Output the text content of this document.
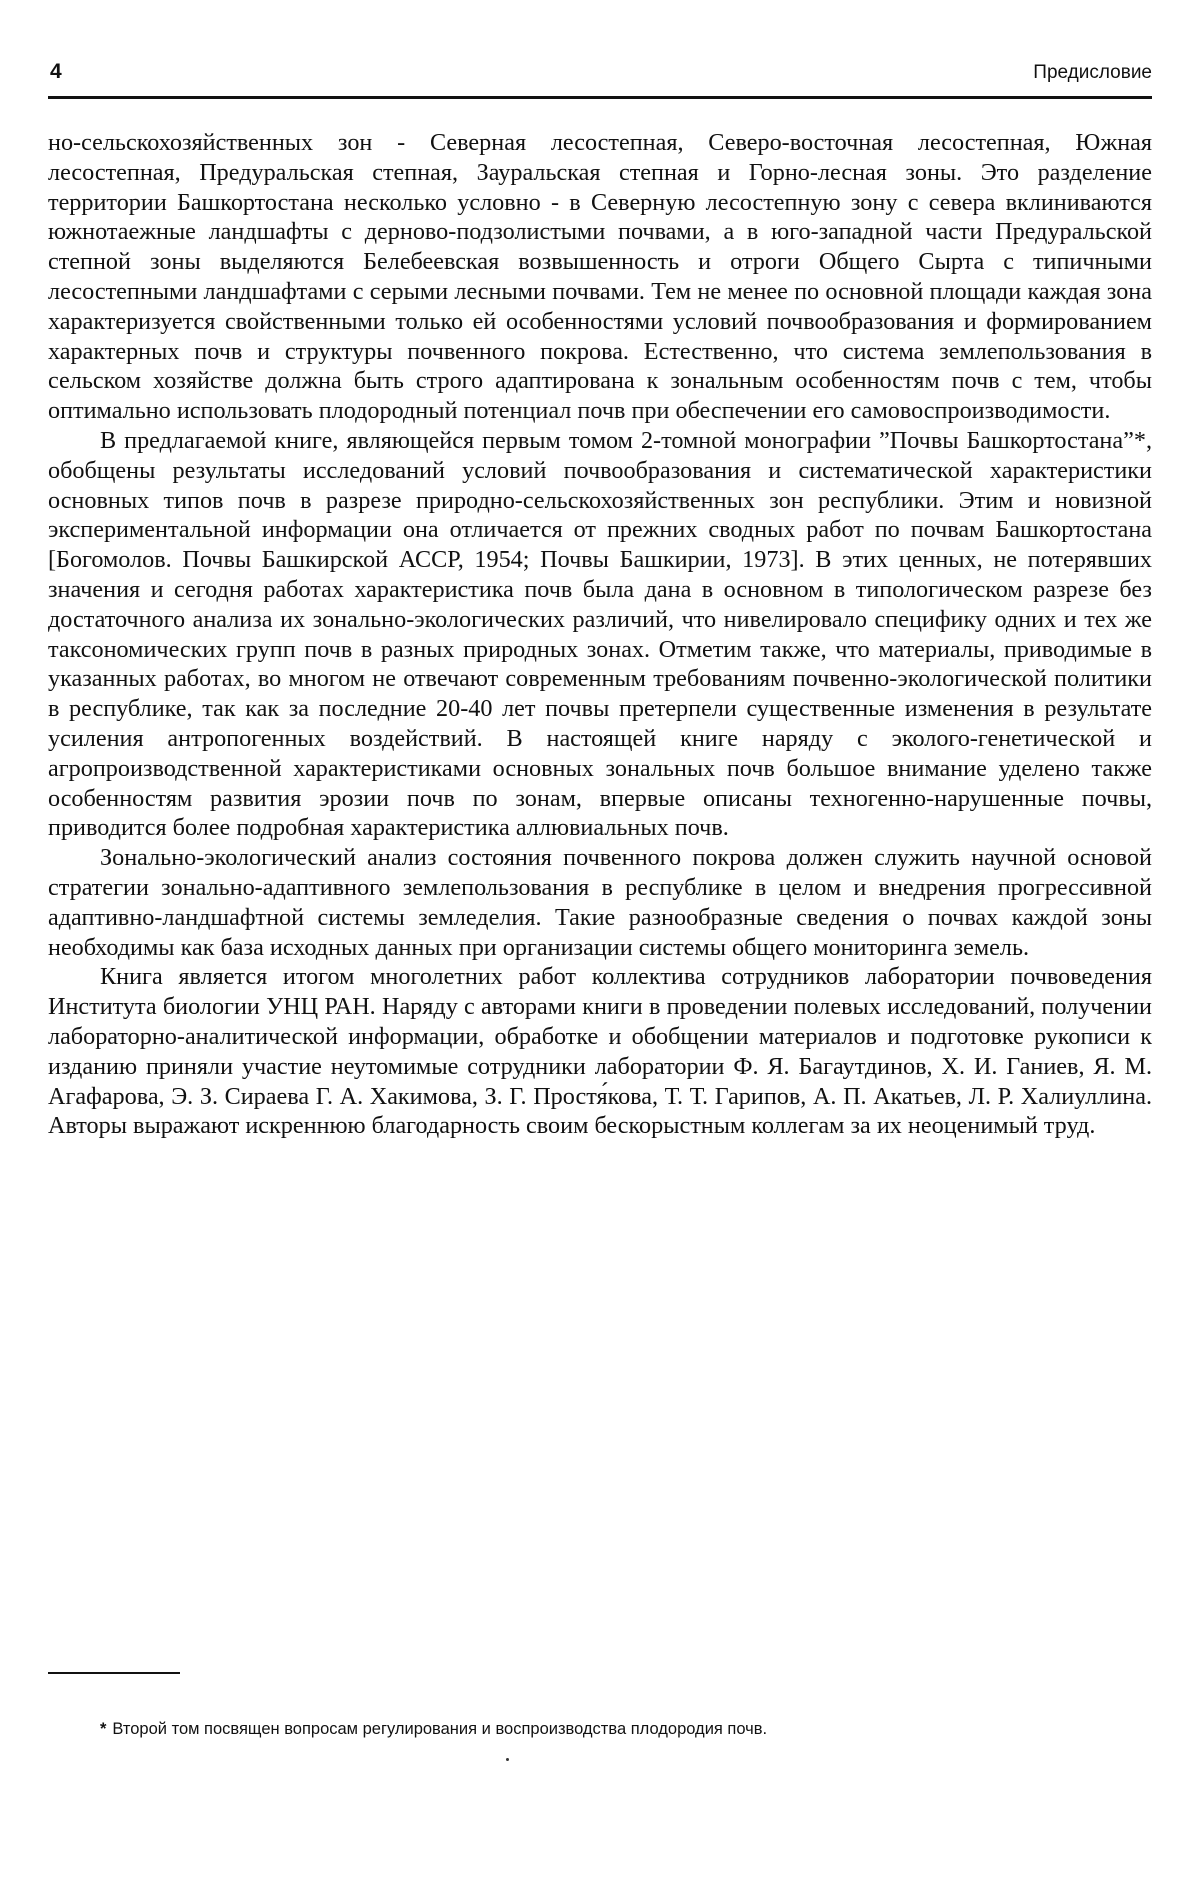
4	Предисловие

но-сельскохозяйственных зон - Северная лесостепная, Северо-восточная лесостепная, Южная лесостепная, Предуральская степная, Зауральская степная и Горно-лесная зоны. Это разделение территории Башкортостана несколько условно - в Северную лесостепную зону с севера вклиниваются южнотаежные ландшафты с дерново-подзолистыми почвами, а в юго-западной части Предуральской степной зоны выделяются Белебеевская возвышенность и отроги Общего Сырта с типичными лесостепными ландшафтами с серыми лесными почвами. Тем не менее по основной площади каждая зона характеризуется свойственными только ей особенностями условий почвообразования и формированием характерных почв и структуры почвенного покрова. Естественно, что система землепользования в сельском хозяйстве должна быть строго адаптирована к зональным особенностям почв с тем, чтобы оптимально использовать плодородный потенциал почв при обеспечении его самовоспроизводимости.

В предлагаемой книге, являющейся первым томом 2-томной монографии ”Почвы Башкортостана”*, обобщены результаты исследований условий почвообразования и систематической характеристики основных типов почв в разрезе природно-сельскохозяйственных зон республики. Этим и новизной экспериментальной информации она отличается от прежних сводных работ по почвам Башкортостана [Богомолов. Почвы Башкирской АССР, 1954; Почвы Башкирии, 1973]. В этих ценных, не потерявших значения и сегодня работах характеристика почв была дана в основном в типологическом разрезе без достаточного анализа их зонально-экологических различий, что нивелировало специфику одних и тех же таксономических групп почв в разных природных зонах. Отметим также, что материалы, приводимые в указанных работах, во многом не отвечают современным требованиям почвенно-экологической политики в республике, так как за последние 20-40 лет почвы претерпели существенные изменения в результате усиления антропогенных воздействий. В настоящей книге наряду с эколого-генетической и агропроизводственной характеристиками основных зональных почв большое внимание уделено также особенностям развития эрозии почв по зонам, впервые описаны техногенно-нарушенные почвы, приводится более подробная характеристика аллювиальных почв.

Зонально-экологический анализ состояния почвенного покрова должен служить научной основой стратегии зонально-адаптивного землепользования в республике в целом и внедрения прогрессивной адаптивно-ландшафтной системы земледелия. Такие разнообразные сведения о почвах каждой зоны необходимы как база исходных данных при организации системы общего мониторинга земель.

Книга является итогом многолетних работ коллектива сотрудников лаборатории почвоведения Института биологии УНЦ РАН. Наряду с авторами книги в проведении полевых исследований, получении лабораторно-аналитической информации, обработке и обобщении материалов и подготовке рукописи к изданию приняли участие неутомимые сотрудники лаборатории Ф. Я. Багаутдинов, Х. И. Ганиев, Я. М. Агафарова, Э. З. Сираева Г. А. Хакимова, З. Г. Простя́кова, Т. Т. Гарипов, А. П. Акатьев, Л. Р. Халиуллина. Авторы выражают искреннюю благодарность своим бескорыстным коллегам за их неоценимый труд.

* Второй том посвящен вопросам регулирования и воспроизводства плодородия почв.
